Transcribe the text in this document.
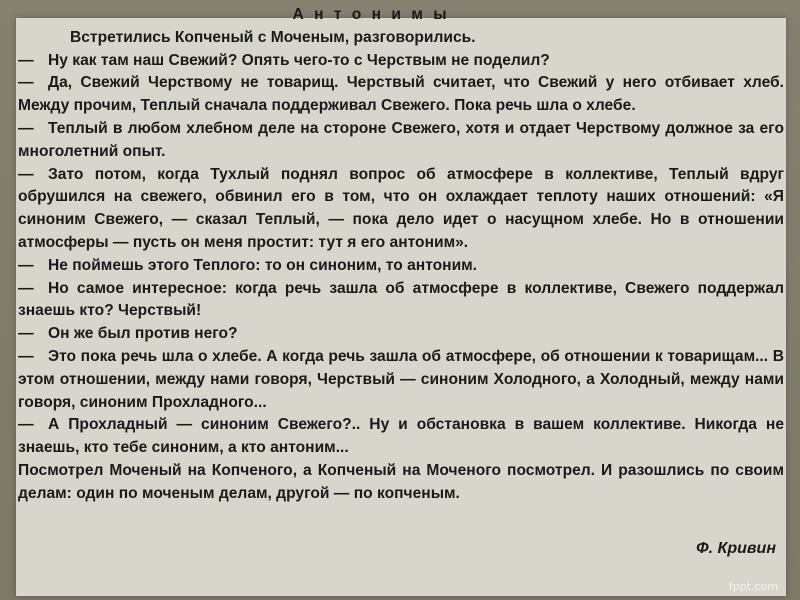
А н т о н и м ы

Встретились Копченый с Моченым, разговорились.

— Ну как там наш Свежий? Опять чего-то с Черствым не поделил?

— Да, Свежий Черствому не товарищ. Черствый считает, что Свежий у него отбивает хлеб. Между прочим, Теплый сначала поддерживал Свежего. Пока речь шла о хлебе.

— Теплый в любом хлебном деле на стороне Свежего, хотя и отдает Черствому должное за его многолетний опыт.

— Зато потом, когда Тухлый поднял вопрос об атмосфере в коллективе, Теплый вдруг обрушился на свежего, обвинил его в том, что он охлаждает теплоту наших отношений: «Я синоним Свежего, — сказал Теплый, — пока дело идет о насущном хлебе. Но в отношении атмосферы — пусть он меня простит: тут я его антоним».

— Не поймешь этого Теплого: то он синоним, то антоним.

— Но самое интересное: когда речь зашла об атмосфере в коллективе, Свежего поддержал знаешь кто? Черствый!

— Он же был против него?

— Это пока речь шла о хлебе. А когда речь зашла об атмосфере, об отношении к товарищам... В этом отношении, между нами говоря, Черствый — синоним Холодного, а Холодный, между нами говоря, синоним Прохладного...

— А Прохладный — синоним Свежего?.. Ну и обстановка в вашем коллективе. Никогда не знаешь, кто тебе синоним, а кто антоним...

Посмотрел Моченый на Копченого, а Копченый на Моченого посмотрел. И разошлись по своим делам: один по моченым делам, другой — по копченым.

Ф. Кривин
fppt.com
